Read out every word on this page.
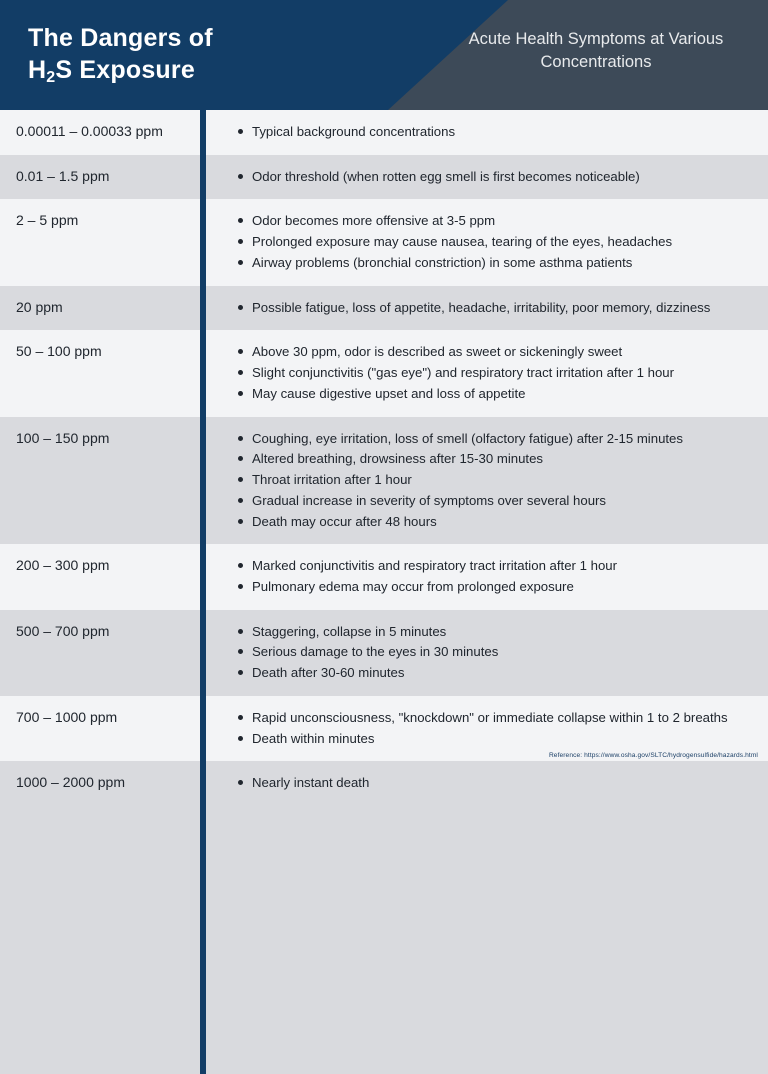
The Dangers of
$H_2S$ Exposure
Acute Health Symptoms at Various Concentrations
0.00011 – 0.00033 ppm	Typical background concentrations
0.01 – 1.5 ppm	Odor threshold (when rotten egg smell is first becomes noticeable)
2 – 5 ppm	Odor becomes more offensive at 3-5 ppm
Prolonged exposure may cause nausea, tearing of the eyes, headaches
Airway problems (bronchial constriction) in some asthma patients
20 ppm	Possible fatigue, loss of appetite, headache, irritability, poor memory, dizziness
50 – 100 ppm	Above 30 ppm, odor is described as sweet or sickeningly sweet
Slight conjunctivitis ("gas eye") and respiratory tract irritation after 1 hour
May cause digestive upset and loss of appetite
100 – 150 ppm	Coughing, eye irritation, loss of smell (olfactory fatigue) after 2-15 minutes
Altered breathing, drowsiness after 15-30 minutes
Throat irritation after 1 hour
Gradual increase in severity of symptoms over several hours
Death may occur after 48 hours
200 – 300 ppm	Marked conjunctivitis and respiratory tract irritation after 1 hour
Pulmonary edema may occur from prolonged exposure
500 – 700 ppm	Staggering, collapse in 5 minutes
Serious damage to the eyes in 30 minutes
Death after 30-60 minutes
700 – 1000 ppm	Rapid unconsciousness, "knockdown" or immediate collapse within 1 to 2 breaths
Death within minutes
1000 – 2000 ppm	Nearly instant death
Reference: https://www.osha.gov/SLTC/hydrogensulfide/hazards.html
